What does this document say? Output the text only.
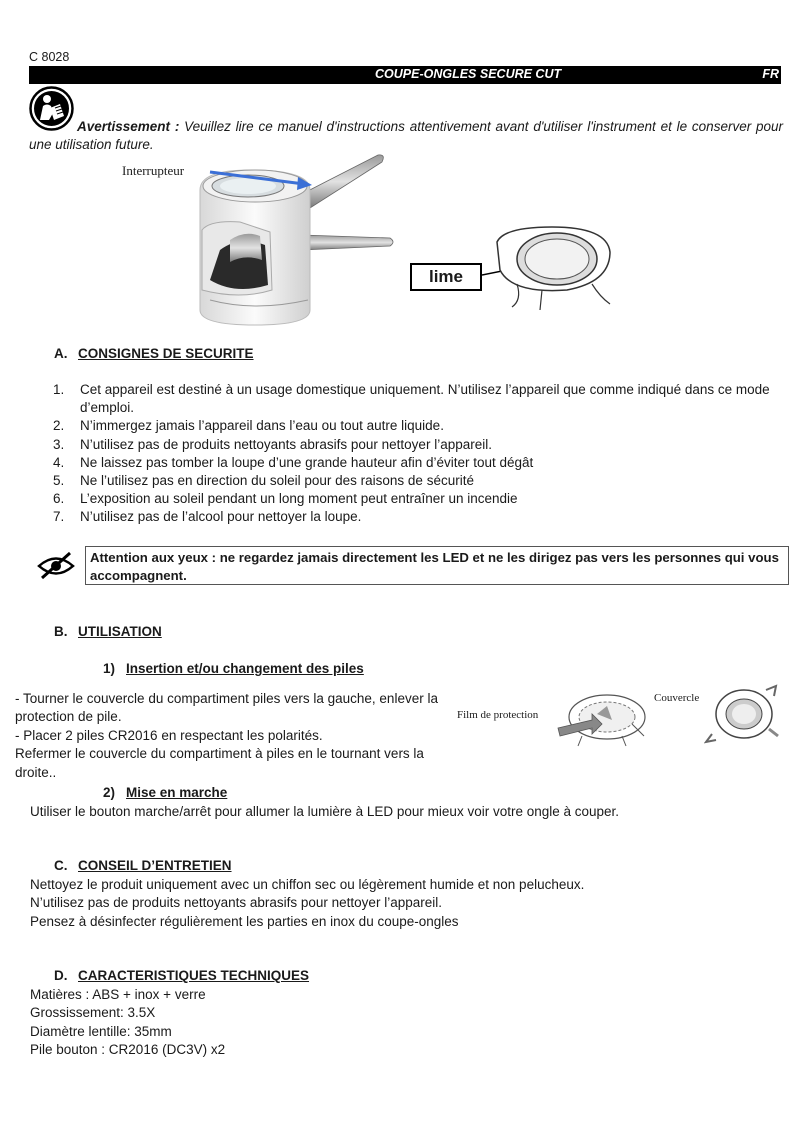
C 8028
COUPE-ONGLES SECURE CUT	FR
Avertissement : Veuillez lire ce manuel d'instructions attentivement avant d'utiliser l'instrument et le conserver pour une utilisation future.
Interrupteur
lime
A. CONSIGNES DE SECURITE
1. Cet appareil est destiné à un usage domestique uniquement. N’utilisez l’appareil que comme indiqué dans ce mode d’emploi.
2. N’immergez jamais l’appareil dans l’eau ou tout autre liquide.
3. N’utilisez pas de produits nettoyants abrasifs pour nettoyer l’appareil.
4. Ne laissez pas tomber la loupe d’une grande hauteur afin d’éviter tout dégât
5. Ne l’utilisez pas en direction du soleil pour des raisons de sécurité
6. L’exposition au soleil pendant un long moment peut entraîner un incendie
7. N’utilisez pas de l’alcool pour nettoyer la loupe.
Attention aux yeux : ne regardez jamais directement les LED et ne les dirigez pas vers les personnes qui vous accompagnent.
B. UTILISATION
1) Insertion et/ou changement des piles
- Tourner le couvercle du compartiment piles vers la gauche, enlever la
protection de pile.
- Placer 2 piles CR2016 en respectant les polarités.
Refermer le couvercle du compartiment à piles en le tournant vers la
droite..
Film de protection
Couvercle
2) Mise en marche
Utiliser le bouton marche/arrêt pour allumer la lumière à LED pour mieux voir votre ongle à couper.
C. CONSEIL D’ENTRETIEN
Nettoyez le produit uniquement avec un chiffon sec ou légèrement humide et non pelucheux.
N’utilisez pas de produits nettoyants abrasifs pour nettoyer l’appareil.
Pensez à désinfecter régulièrement les parties en inox du coupe-ongles
D. CARACTERISTIQUES TECHNIQUES
Matières : ABS + inox + verre
Grossissement: 3.5X
Diamètre lentille: 35mm
Pile bouton : CR2016 (DC3V) x2
